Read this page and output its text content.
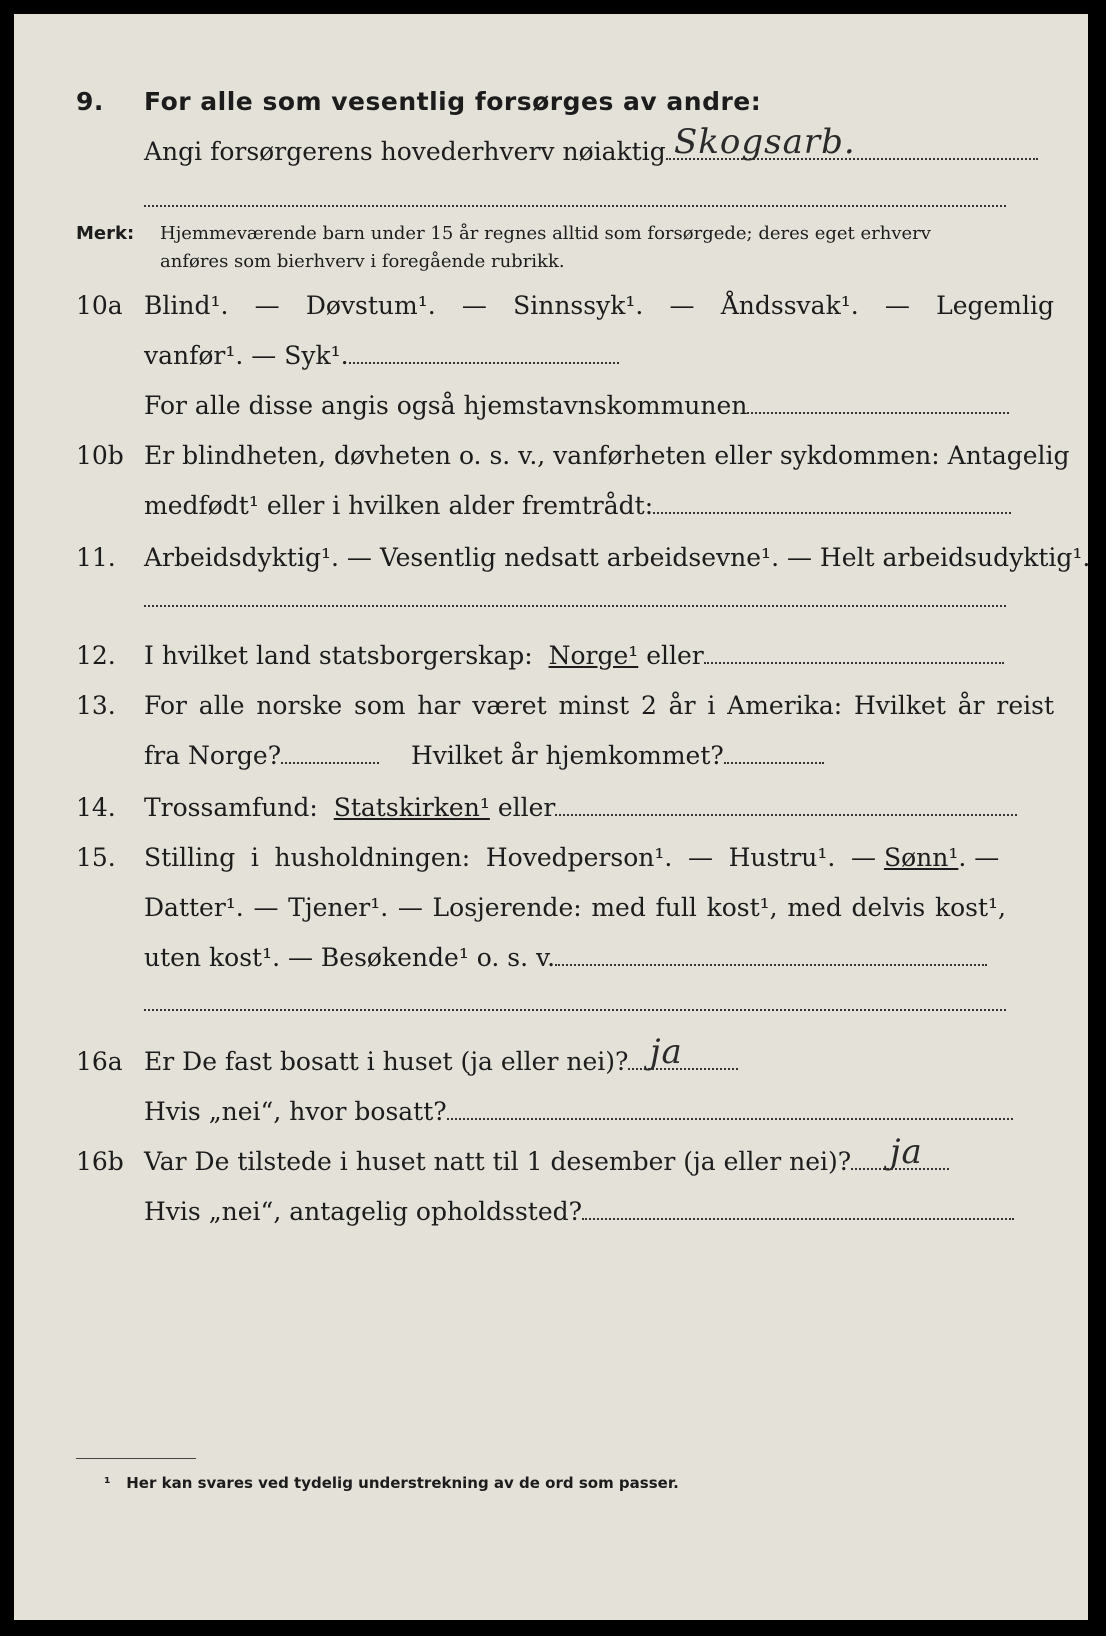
9.	For alle som vesentlig forsørges av andre:
Angi forsørgerens hovederhverv nøiaktig Skogsarb.
Merk: Hjemmeværende barn under 15 år regnes alltid som forsørgede; deres eget erhverv
anføres som bierhverv i foregående rubrikk.
10a Blind¹. — Døvstum¹. — Sinnssyk¹. — Åndssvak¹. — Legemlig
vanfør¹. — Syk¹.
For alle disse angis også hjemstavnskommunen
10b Er blindheten, døvheten o. s. v., vanførheten eller sykdommen: Antagelig
medfødt¹ eller i hvilken alder fremtrådt:
11.	Arbeidsdyktig¹. — Vesentlig nedsatt arbeidsevne¹. — Helt arbeidsudyktig¹.
12.	I hvilket land statsborgerskap:
Norge¹
eller
13.	For alle norske som har været minst 2 år i Amerika: Hvilket år reist
fra Norge?
	Hvilket år hjemkommet?
14.	Trossamfund:
Statskirken¹
eller
15.	Stilling i husholdningen: Hovedperson¹. — Hustru¹. —
Sønn¹ . —
Datter¹. — Tjener¹. — Losjerende: med full kost¹, med delvis kost¹,
uten kost¹. — Besøkende¹ o. s. v.
16a Er De fast bosatt i huset (ja eller nei)? ja
Hvis „nei“, hvor bosatt?
16b Var De tilstede i huset natt til 1 desember (ja eller nei)? ja
Hvis „nei“, antagelig opholdssted?
¹ Her kan svares ved tydelig understrekning av de ord som passer.
